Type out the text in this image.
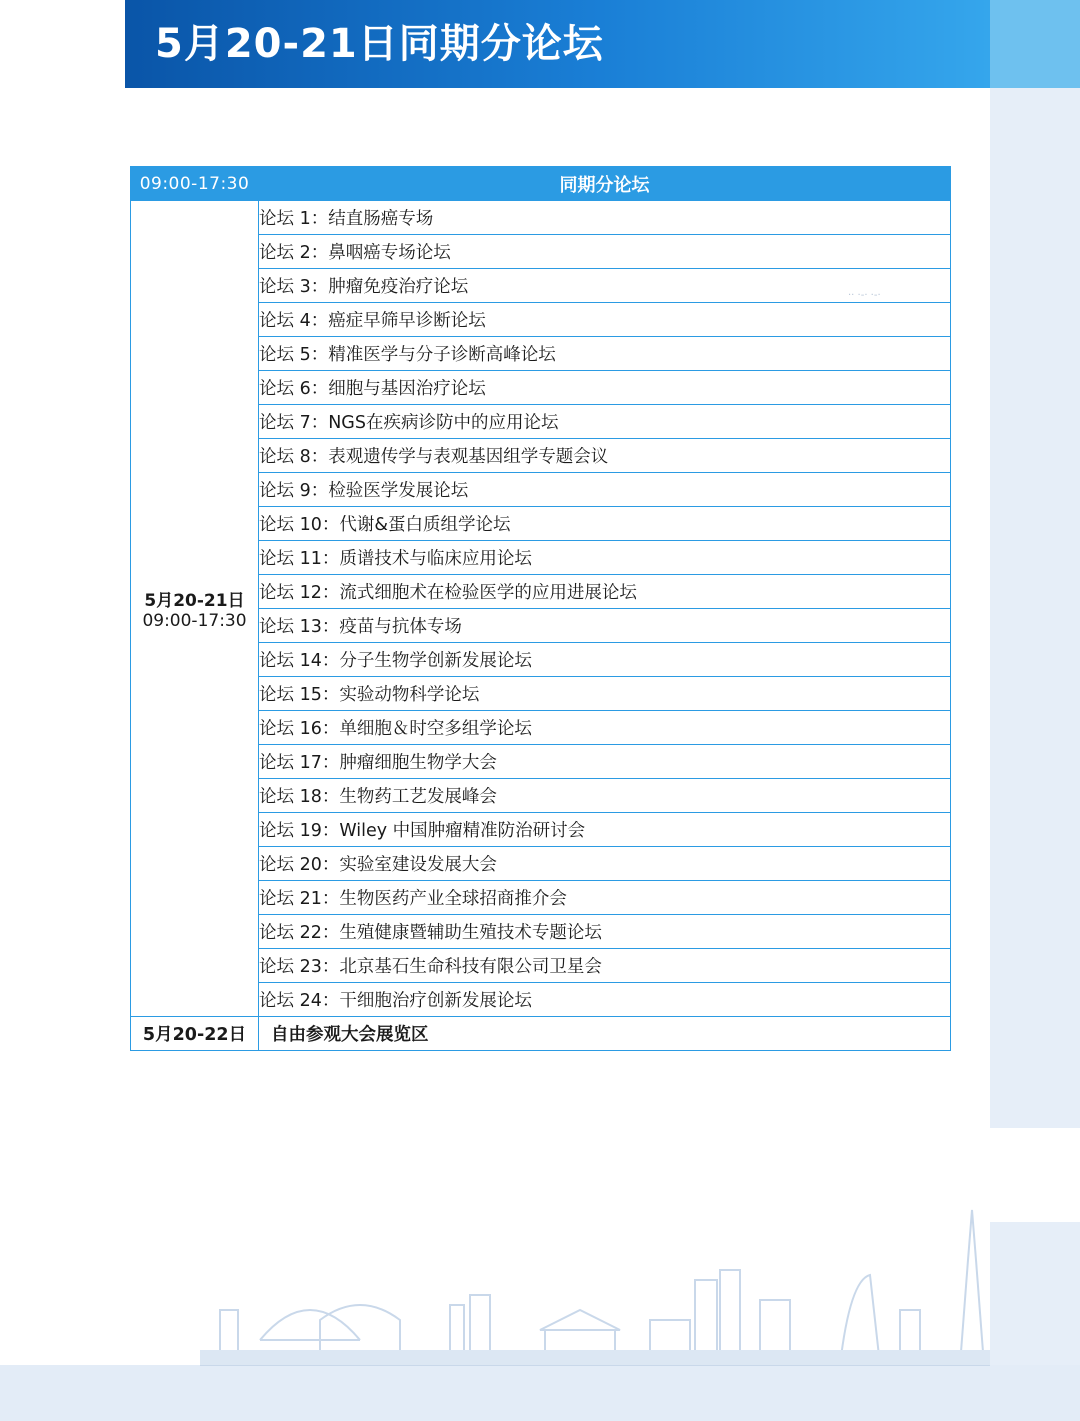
5月20-21日同期分论坛
09:00-17:30	同期分论坛

5月20-21日
09:00-17:30	论坛 1：结直肠癌专场
	论坛 2：鼻咽癌专场论坛
	论坛 3：肿瘤免疫治疗论坛
	论坛 4：癌症早筛早诊断论坛
	论坛 5：精准医学与分子诊断高峰论坛
	论坛 6：细胞与基因治疗论坛
	论坛 7：NGS在疾病诊防中的应用论坛
	论坛 8：表观遗传学与表观基因组学专题会议
	论坛 9：检验医学发展论坛
	论坛 10：代谢&蛋白质组学论坛
	论坛 11：质谱技术与临床应用论坛
	论坛 12：流式细胞术在检验医学的应用进展论坛
	论坛 13：疫苗与抗体专场
	论坛 14：分子生物学创新发展论坛
	论坛 15：实验动物科学论坛
	论坛 16：单细胞＆时空多组学论坛
	论坛 17：肿瘤细胞生物学大会
	论坛 18：生物药工艺发展峰会
	论坛 19：Wiley 中国肿瘤精准防治研讨会
	论坛 20：实验室建设发展大会
	论坛 21：生物医药产业全球招商推介会
	论坛 22：生殖健康暨辅助生殖技术专题论坛
	论坛 23：北京基石生命科技有限公司卫星会
	论坛 24：干细胞治疗创新发展论坛
5月20-22日	自由参观大会展览区
·· ·-· ·-·
